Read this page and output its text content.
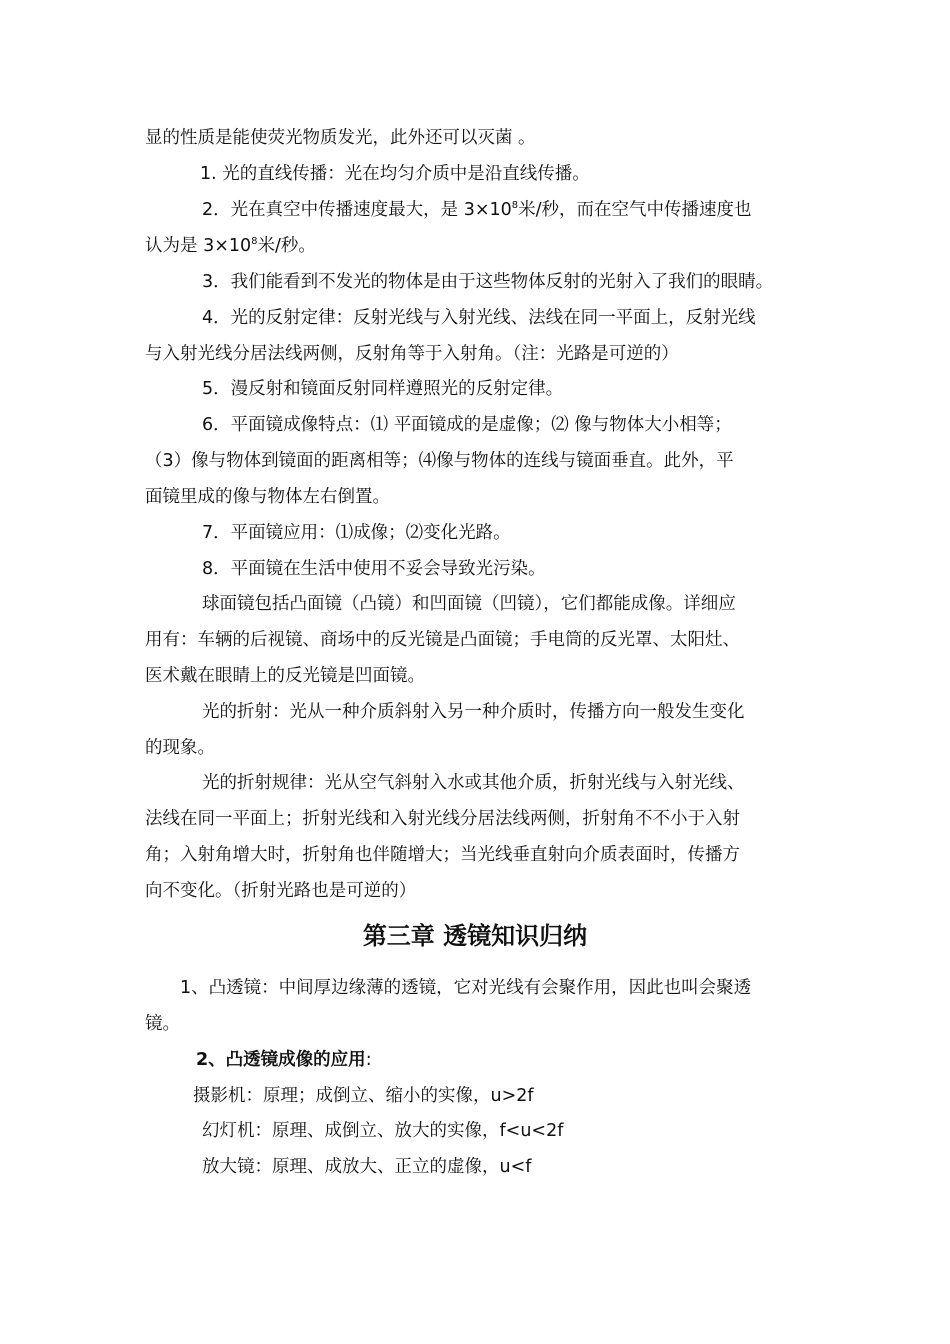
显的性质是能使荧光物质发光，此外还可以灭菌 。
1. 光的直线传播：光在均匀介质中是沿直线传播。
2．光在真空中传播速度最大，是 $3\times 10^8$米/秒，而在空气中传播速度也
认为是 $3\times 10^8$米/秒。
3．我们能看到不发光的物体是由于这些物体反射的光射入了我们的眼睛。
4．光的反射定律：反射光线与入射光线、法线在同一平面上，反射光线
与入射光线分居法线两侧，反射角等于入射角。（注：光路是可逆的）
5．漫反射和镜面反射同样遵照光的反射定律。
6．平面镜成像特点：⑴ 平面镜成的是虚像；⑵ 像与物体大小相等；
（3）像与物体到镜面的距离相等；⑷像与物体的连线与镜面垂直。此外，平
面镜里成的像与物体左右倒置。
7．平面镜应用：⑴成像；⑵变化光路。
8．平面镜在生活中使用不妥会导致光污染。
球面镜包括凸面镜（凸镜）和凹面镜（凹镜），它们都能成像。详细应
用有：车辆的后视镜、商场中的反光镜是凸面镜；手电筒的反光罩、太阳灶、
医术戴在眼睛上的反光镜是凹面镜。
光的折射：光从一种介质斜射入另一种介质时，传播方向一般发生变化
的现象。
光的折射规律：光从空气斜射入水或其他介质，折射光线与入射光线、
法线在同一平面上；折射光线和入射光线分居法线两侧，折射角不不小于入射
角；入射角增大时，折射角也伴随增大；当光线垂直射向介质表面时，传播方
向不变化。（折射光路也是可逆的）
第三章 透镜知识归纳
1、凸透镜：中间厚边缘薄的透镜，它对光线有会聚作用，因此也叫会聚透
镜。
2、凸透镜成像的应用:
摄影机：原理；成倒立、缩小的实像，u>2f
幻灯机：原理、成倒立、放大的实像，f<u<2f
放大镜：原理、成放大、正立的虚像，u<f
